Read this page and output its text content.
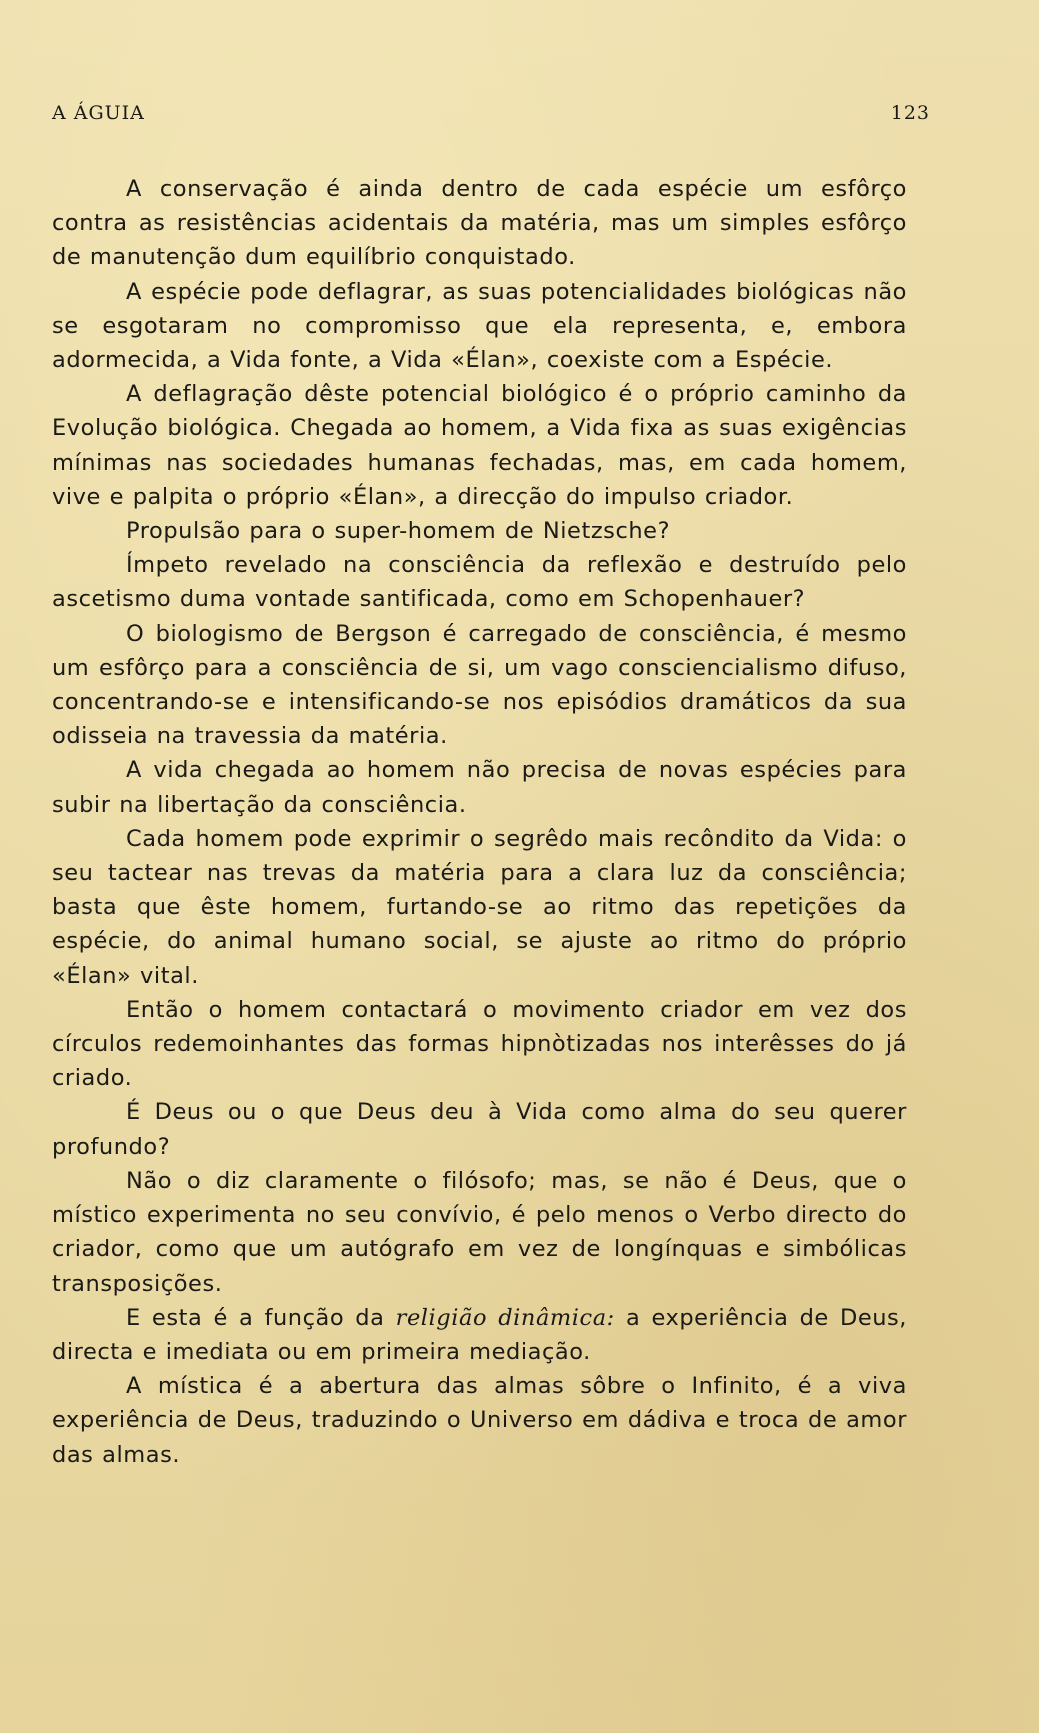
A ÁGUIA	123

A conservação é ainda dentro de cada espécie um esfôrço contra as resistências acidentais da matéria, mas um simples esfôrço de manutenção dum equilíbrio conquistado.

A espécie pode deflagrar, as suas potencialidades biológicas não se esgotaram no compromisso que ela representa, e, embora adormecida, a Vida fonte, a Vida «Élan», coexiste com a Espécie.

A deflagração dêste potencial biológico é o próprio caminho da Evolução biológica. Chegada ao homem, a Vida fixa as suas exigências mínimas nas sociedades humanas fechadas, mas, em cada homem, vive e palpita o próprio «Élan», a direcção do impulso criador.

Propulsão para o super-homem de Nietzsche?

Ímpeto revelado na consciência da reflexão e destruído pelo ascetismo duma vontade santificada, como em Schopenhauer?

O biologismo de Bergson é carregado de consciência, é mesmo um esfôrço para a consciência de si, um vago consciencialismo difuso, concentrando-se e intensificando-se nos episódios dramáticos da sua odisseia na travessia da matéria.

A vida chegada ao homem não precisa de novas espécies para subir na libertação da consciência.

Cada homem pode exprimir o segrêdo mais recôndito da Vida: o seu tactear nas trevas da matéria para a clara luz da consciência; basta que êste homem, furtando-se ao ritmo das repetições da espécie, do animal humano social, se ajuste ao ritmo do próprio «Élan» vital.

Então o homem contactará o movimento criador em vez dos círculos redemoinhantes das formas hipnòtizadas nos interêsses do já criado.

É Deus ou o que Deus deu à Vida como alma do seu querer profundo?

Não o diz claramente o filósofo; mas, se não é Deus, que o místico experimenta no seu convívio, é pelo menos o Verbo directo do criador, como que um autógrafo em vez de longínquas e simbólicas transposições.

E esta é a função da religião dinâmica: a experiência de Deus, directa e imediata ou em primeira mediação.

A mística é a abertura das almas sôbre o Infinito, é a viva experiência de Deus, traduzindo o Universo em dádiva e troca de amor das almas.
